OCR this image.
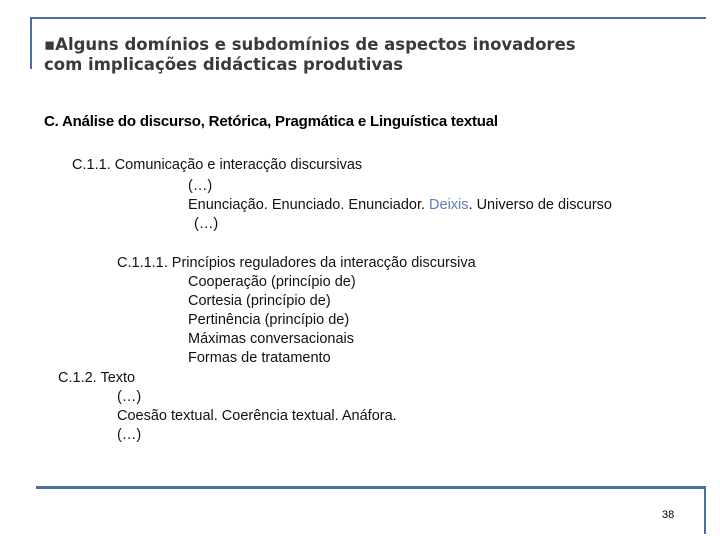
▪Alguns domínios e subdomínios de aspectos inovadores
com implicações didácticas produtivas
C. Análise do discurso, Retórica, Pragmática e Linguística textual
C.1.1. Comunicação e interacção discursivas
(…)
Enunciação. Enunciado. Enunciador. Deixis. Universo de discurso
(…)
C.1.1.1. Princípios reguladores da interacção discursiva
Cooperação (princípio de)
Cortesia (princípio de)
Pertinência (princípio de)
Máximas conversacionais
Formas de tratamento
C.1.2. Texto
(…)
Coesão textual. Coerência textual. Anáfora.
(…)
38
